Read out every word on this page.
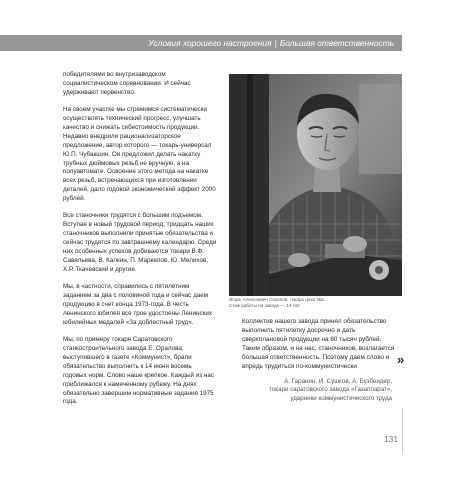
Условия хорошего настроения | Большая ответственность

победителями во внутризаводском социалистическом соревновании. И сейчас удерживают первенство.

На своем участке мы стремимся систематически осуществлять технический прогресс, улучшать качество и снижать себестоимость продукции. Недавно внедрили рационализаторское предложение, автор которого — токарь-универсал Ю.П. Чубакшин. Он предложил делать накатку трубных дюймовых резьб не вручную, а на полуавтомате. Освоение этого метода на накатке всех резьб, встречающихся при изготовлении деталей, дало годовой экономический эффект 2000 рублей.

Все станочники трудятся с большим подъемом. Вступая в новый трудовой период, тридцать наших станочников выполнили принятые обязательства и сейчас трудятся по завтрашнему календарю. Среди них особенных успехов добиваются токари В.Ф. Савельева, В. Калкин, П. Маркелов, Ю. Мелихов, Х.Р. Ткачевский и другие.

Мы, в частности, справились с пятилетним заданием за два с половиной года и сейчас даем продукцию в счет конца 1973-года. В честь ленинского юбилея все трое удостоены Ленинских юбилейных медалей «За доблестный труд».

Мы, по примеру токаря Саратовского станкостроительного завода Е. Оралова, выступившего в газете «Коммунист», брали обязательство выполнить к 14 июня восемь годовых норм. Слово наше крепкое. Каждый из нас приближался к намеченному рубежу. На днях обязательно завершим нормативные задания 1975 года.

Игорь Алексеевич Соколов, токарь цеха №2.

Стаж работы на заводе — 14 лет

Коллектив нашего завода принял обязательство выполнить пятилетку досрочно и дать сверхплановой продукции на 80 тысяч рублей. Таким образом, и на нас, станочников, возлагается большая ответственность. Поэтому даем слово и впредь трудиться по-коммунистически	»

А. Гаранин, И. Сушков, А. Бузбендер,

токари саратовского завода «Газаппарат»,

ударники коммунистического труда

131
